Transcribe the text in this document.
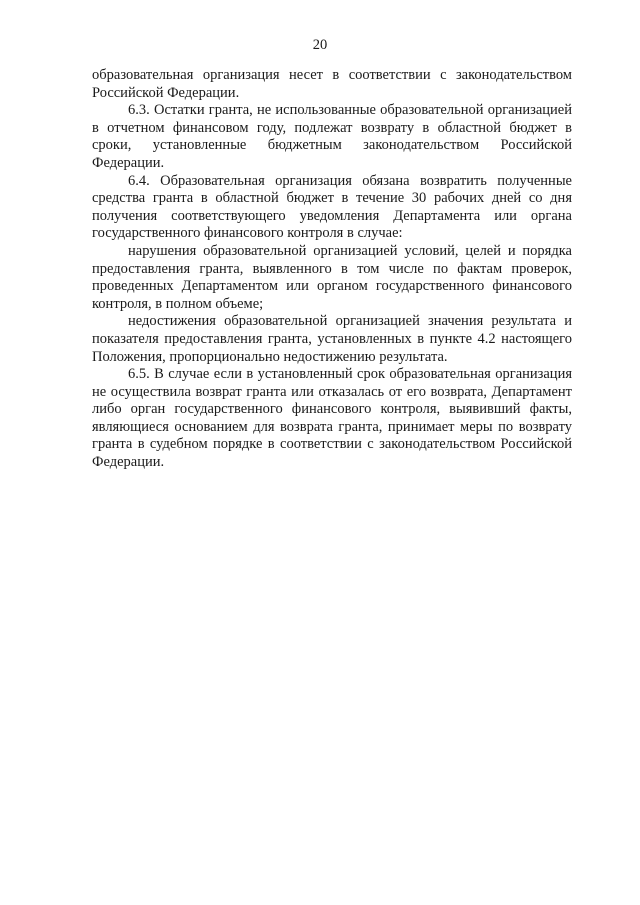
20

образовательная организация несет в соответствии с законодательством Российской Федерации.

6.3. Остатки гранта, не использованные образовательной организацией в отчетном финансовом году, подлежат возврату в областной бюджет в сроки, установленные бюджетным законодательством Российской Федерации.

6.4. Образовательная организация обязана возвратить полученные средства гранта в областной бюджет в течение 30 рабочих дней со дня получения соответствующего уведомления Департамента или органа государственного финансового контроля в случае:

нарушения образовательной организацией условий, целей и порядка предоставления гранта, выявленного в том числе по фактам проверок, проведенных Департаментом или органом государственного финансового контроля, в полном объеме;

недостижения образовательной организацией значения результата и показателя предоставления гранта, установленных в пункте 4.2 настоящего Положения, пропорционально недостижению результата.

6.5. В случае если в установленный срок образовательная организация не осуществила возврат гранта или отказалась от его возврата, Департамент либо орган государственного финансового контроля, выявивший факты, являющиеся основанием для возврата гранта, принимает меры по возврату гранта в судебном порядке в соответствии с законодательством Российской Федерации.
